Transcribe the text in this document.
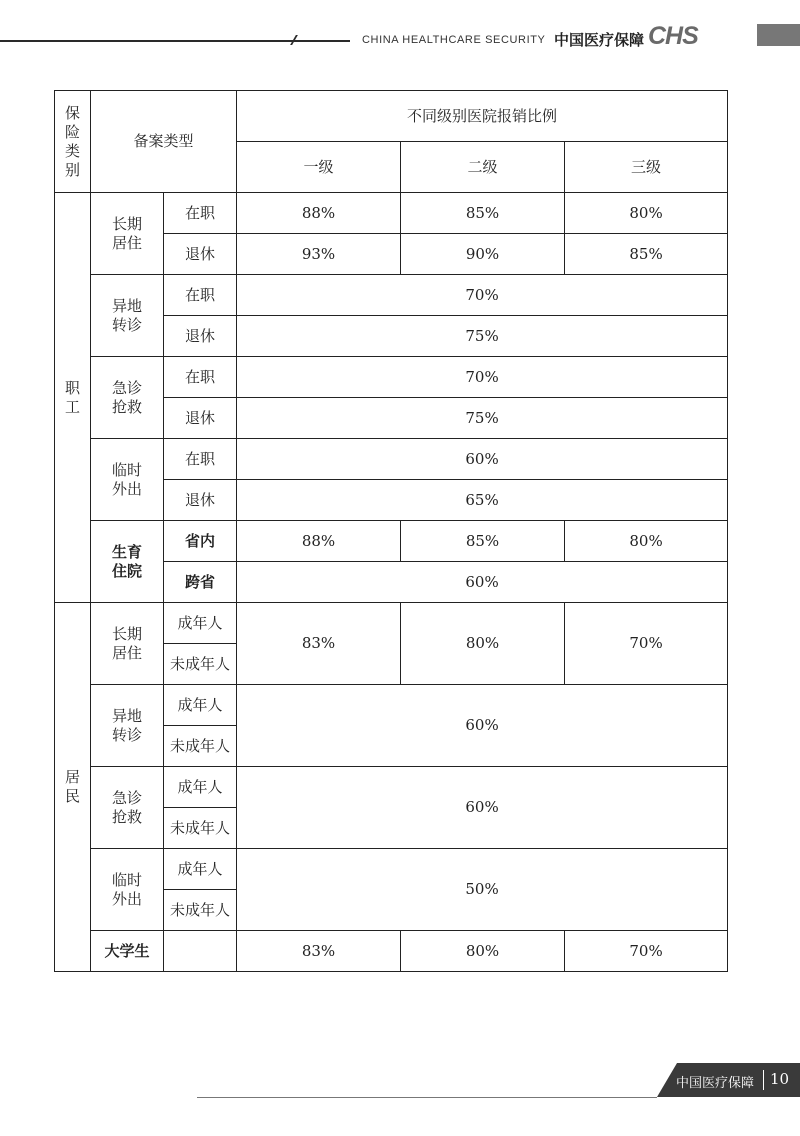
CHINA HEALTHCARE SECURITY 中国医疗保障 CHS
保险类别	备案类型		不同级别医院报销比例		
			一级	二级	三级
职工	长期居住	在职	88%	85%	80%
		退休	93%	90%	85%
	异地转诊	在职	70%		
		退休	75%		
	急诊抢救	在职	70%		
		退休	75%		
	临时外出	在职	60%		
		退休	65%		
	生育住院	省内	88%	85%	80%
		跨省	60%		
居民	长期居住	成年人	83%	80%	70%
		未成年人			
	异地转诊	成年人	60%		
		未成年人			
	急诊抢救	成年人	60%		
		未成年人			
	临时外出	成年人	50%		
		未成年人			
	大学生		83%	80%	70%

中国医疗保障 10
